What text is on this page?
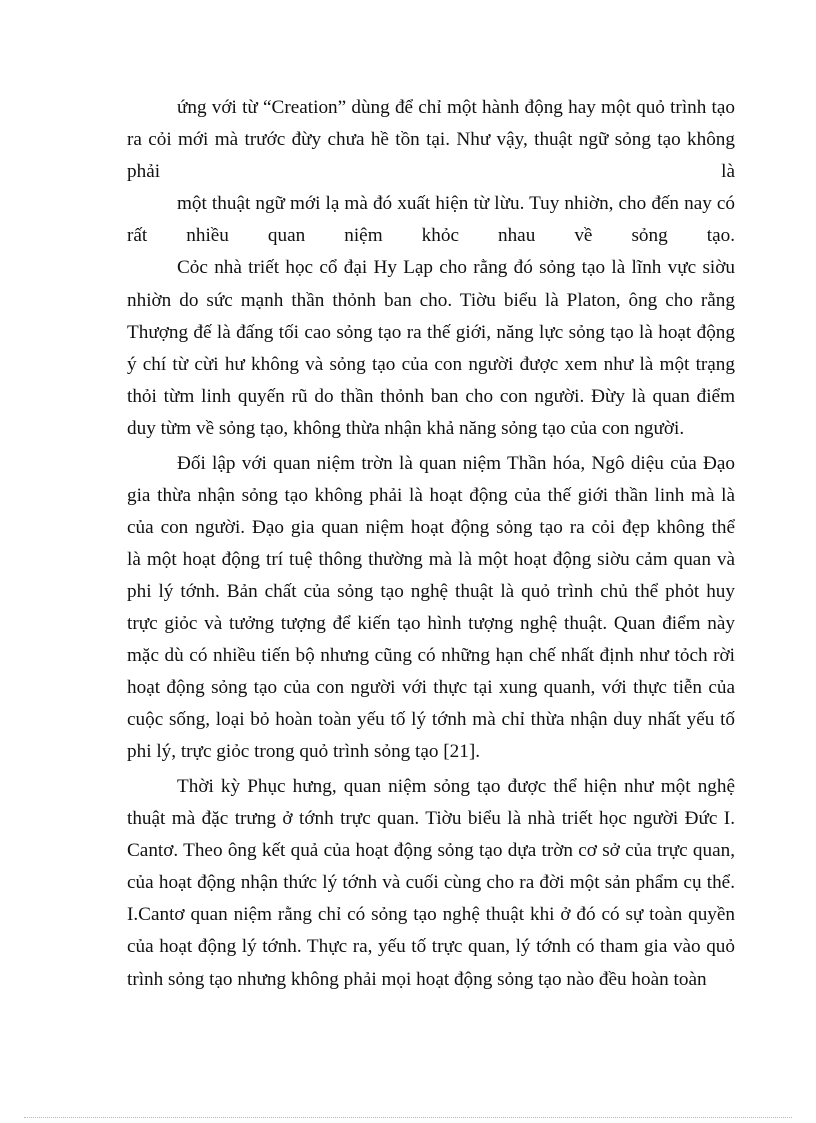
ứng với từ “Creation” dùng để chỉ một hành động hay một quỏ trình tạo
ra cỏi mới mà trước đừy chưa hề tồn tại. Như vậy, thuật ngữ sỏng tạo không
phải là
một thuật ngữ mới lạ mà đó xuất hiện từ lừu. Tuy nhiờn, cho đến nay có
rất nhiều quan niệm khỏc nhau về sỏng tạo.
Cỏc nhà triết học cổ đại Hy Lạp cho rằng đó sỏng tạo là lĩnh vực siờu
nhiờn do sức mạnh thần thỏnh ban cho. Tiờu biểu là Platon, ông cho rằng
Thượng đế là đấng tối cao sỏng tạo ra thế giới, năng lực sỏng tạo là hoạt động
ý chí từ cừi hư không và sỏng tạo của con người được xem như là một trạng
thỏi từm linh quyến rũ do thần thỏnh ban cho con người. Đừy là quan điểm
duy từm về sỏng tạo, không thừa nhận khả năng sỏng tạo của con người.
Đối lập với quan niệm trờn là quan niệm Thần hóa, Ngô diệu của Đạo
gia thừa nhận sỏng tạo không phải là hoạt động của thế giới thần linh mà là
của con người. Đạo gia quan niệm hoạt động sỏng tạo ra cỏi đẹp không thể
là một hoạt động trí tuệ thông thường mà là một hoạt động siờu cảm quan và
phi lý tớnh. Bản chất của sỏng tạo nghệ thuật là quỏ trình chủ thể phỏt huy
trực giỏc và tưởng tượng để kiến tạo hình tượng nghệ thuật. Quan điểm này
mặc dù có nhiều tiến bộ nhưng cũng có những hạn chế nhất định như tỏch rời
hoạt động sỏng tạo của con người với thực tại xung quanh, với thực tiễn của
cuộc sống, loại bỏ hoàn toàn yếu tố lý tớnh mà chỉ thừa nhận duy nhất yếu tố
phi lý, trực giỏc trong quỏ trình sỏng tạo [21].
Thời kỳ Phục hưng, quan niệm sỏng tạo được thể hiện như một nghệ
thuật mà đặc trưng ở tớnh trực quan. Tiờu biểu là nhà triết học người Đức I.
Cantơ. Theo ông kết quả của hoạt động sỏng tạo dựa trờn cơ sở của trực quan,
của hoạt động nhận thức lý tớnh và cuối cùng cho ra đời một sản phẩm cụ thể.
I.Cantơ quan niệm rằng chỉ có sỏng tạo nghệ thuật khi ở đó có sự toàn quyền
của hoạt động lý tớnh. Thực ra, yếu tố trực quan, lý tớnh có tham gia vào quỏ
trình sỏng tạo nhưng không phải mọi hoạt động sỏng tạo nào đều hoàn toàn
